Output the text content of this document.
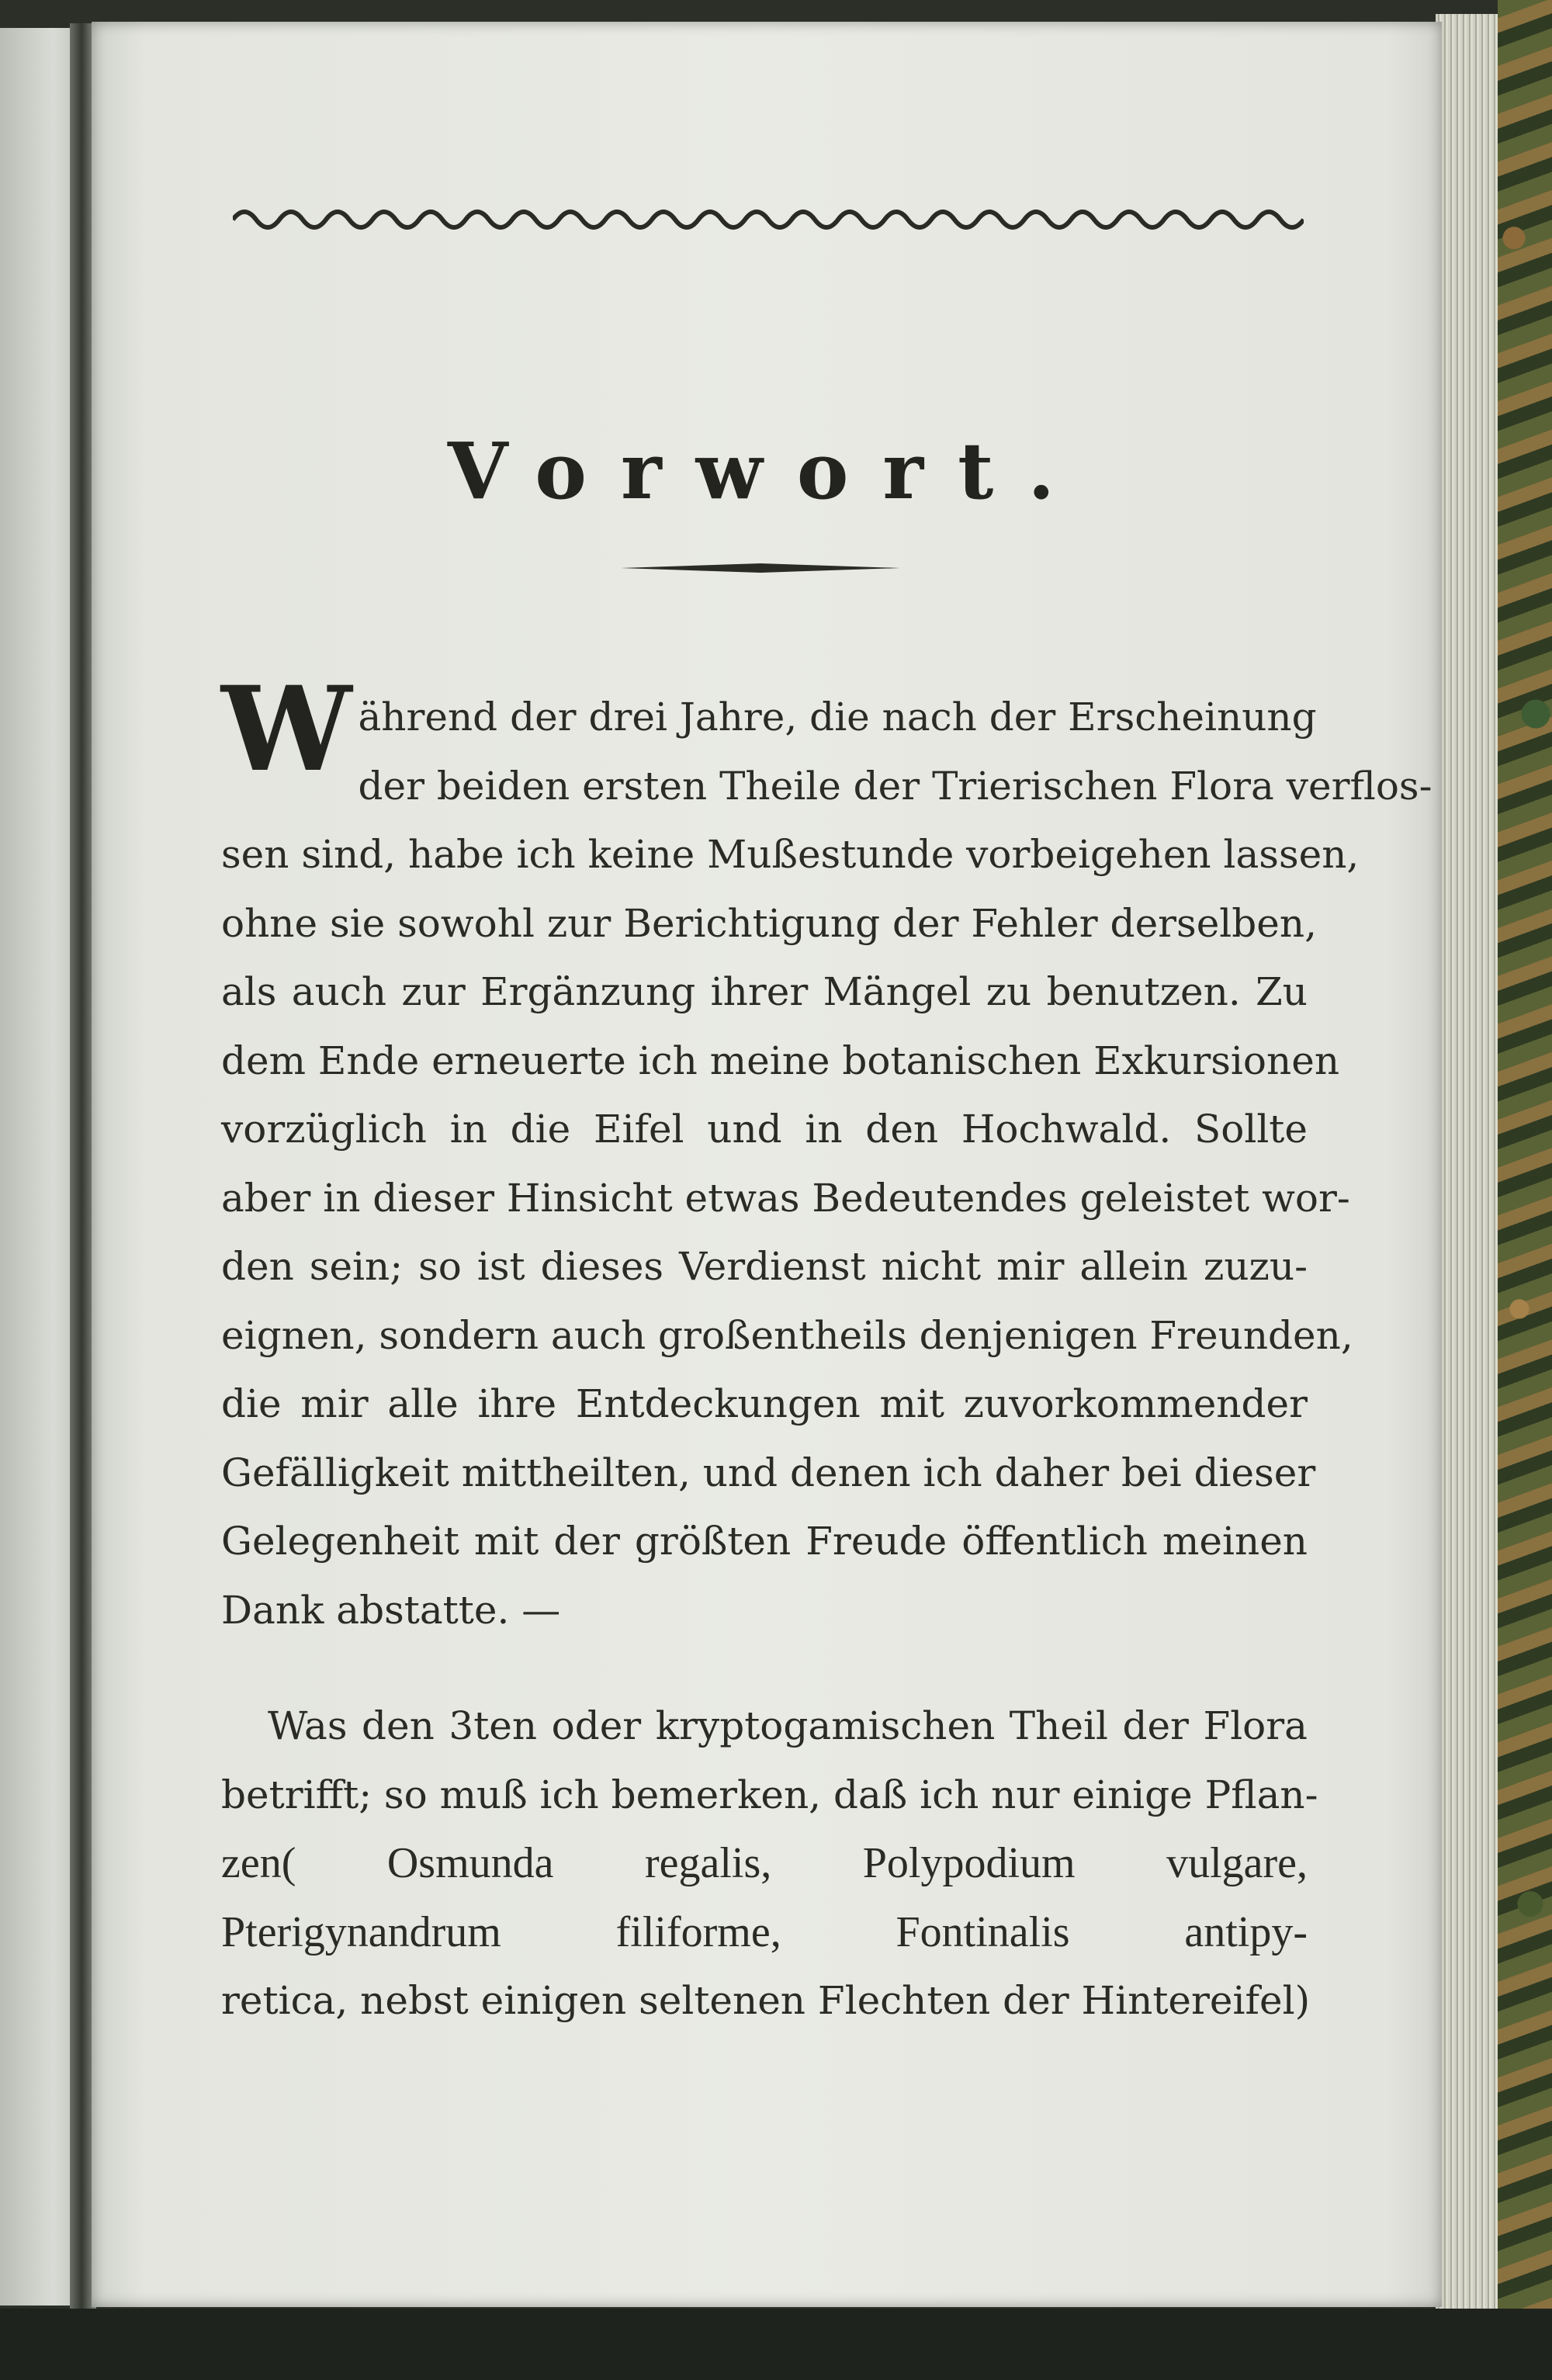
Vorwort.
W ährend der drei Jahre, die nach der Erscheinung
der beiden ersten Theile der Trierischen Flora verflos-
sen sind, habe ich keine Mußestunde vorbeigehen lassen,
ohne sie sowohl zur Berichtigung der Fehler derselben,
als auch zur Ergänzung ihrer Mängel zu benutzen. Zu
dem Ende erneuerte ich meine botanischen Exkursionen
vorzüglich in die Eifel und in den Hochwald. Sollte
aber in dieser Hinsicht etwas Bedeutendes geleistet wor-
den sein; so ist dieses Verdienst nicht mir allein zuzu-
eignen, sondern auch großentheils denjenigen Freunden,
die mir alle ihre Entdeckungen mit zuvorkommender
Gefälligkeit mittheilten, und denen ich daher bei dieser
Gelegenheit mit der größten Freude öffentlich meinen
Dank abstatte. —
Was den 3ten oder kryptogamischen Theil der Flora
betrifft; so muß ich bemerken, daß ich nur einige Pflan-
zen( Osmunda regalis, Polypodium vulgare,
Pterigynandrum filiforme, Fontinalis antipy-
retica, nebst einigen seltenen Flechten der Hintereifel)
